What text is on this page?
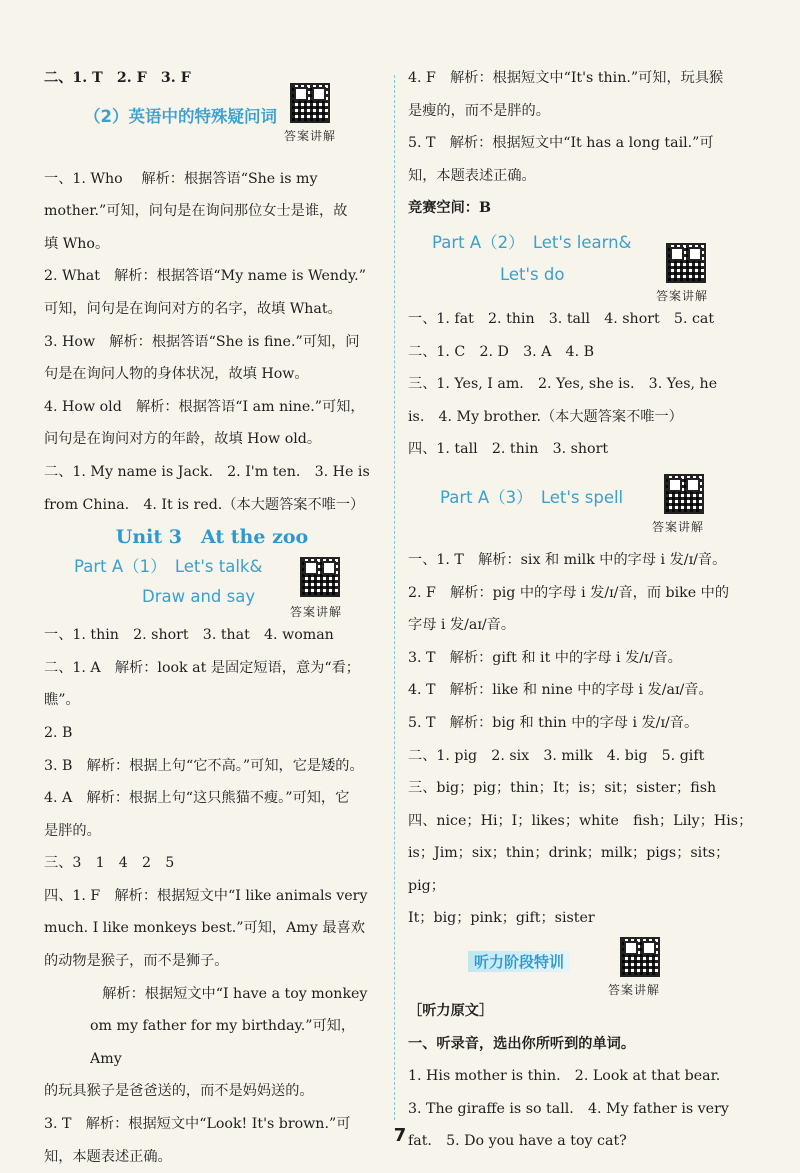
二、1. T　2. F　3. F

（2）英语中的特殊疑问词
答案讲解

一、1. Who　 解析：根据答语“She is my

mother.”可知，问句是在询问那位女士是谁，故

填 Who。

2. What　解析：根据答语“My name is Wendy.”

可知，问句是在询问对方的名字，故填 What。

3. How　解析：根据答语“She is fine.”可知，问

句是在询问人物的身体状况，故填 How。

4. How old　解析：根据答语“I am nine.”可知，

问句是在询问对方的年龄，故填 How old。

二、1. My name is Jack.　2. I'm ten.　3. He is

from China.　4. It is red.（本大题答案不唯一）

Unit 3　At the zoo
Part A（1）　Let's talk&
Draw and say
答案讲解

一、1. thin　2. short　3. that　4. woman

二、1. A　解析：look at 是固定短语，意为“看；瞧”。

2. B

3. B　解析：根据上句“它不高。”可知，它是矮的。

4. A　解析：根据上句“这只熊猫不瘦。”可知，它

是胖的。

三、3　1　4　2　5

四、1. F　解析：根据短文中“I like animals very

much. I like monkeys best.”可知，Amy 最喜欢

的动物是猴子，而不是狮子。

　解析：根据短文中“I have a toy monkey

om my father for my birthday.”可知，Amy

的玩具猴子是爸爸送的，而不是妈妈送的。

3. T　解析：根据短文中“Look! It's brown.”可

知，本题表述正确。

4. F　解析：根据短文中“It's thin.”可知，玩具猴

是瘦的，而不是胖的。

5. T　解析：根据短文中“It has a long tail.”可

知，本题表述正确。

竞赛空间：B

Part A（2）　Let's learn&
Let's do
答案讲解

一、1. fat　2. thin　3. tall　4. short　5. cat

二、1. C　2. D　3. A　4. B

三、1. Yes, I am.　2. Yes, she is.　3. Yes, he

is.　4. My brother.（本大题答案不唯一）

四、1. tall　2. thin　3. short

Part A（3）　Let's spell
答案讲解

一、1. T　解析：six 和 milk 中的字母 i 发/ɪ/音。

2. F　解析：pig 中的字母 i 发/ɪ/音，而 bike 中的

字母 i 发/aɪ/音。

3. T　解析：gift 和 it 中的字母 i 发/ɪ/音。

4. T　解析：like 和 nine 中的字母 i 发/aɪ/音。

5. T　解析：big 和 thin 中的字母 i 发/ɪ/音。

二、1. pig　2. six　3. milk　4. big　5. gift

三、big；pig；thin；It；is；sit；sister；fish

四、nice；Hi；I；likes；white　fish；Lily；His；

is；Jim；six；thin；drink；milk；pigs；sits；pig；

It；big；pink；gift；sister

听力阶段特训
答案讲解

［听力原文］

一、听录音，选出你所听到的单词。

1. His mother is thin.　2. Look at that bear.

3. The giraffe is so tall.　4. My father is very

fat.　5. Do you have a toy cat?

7
